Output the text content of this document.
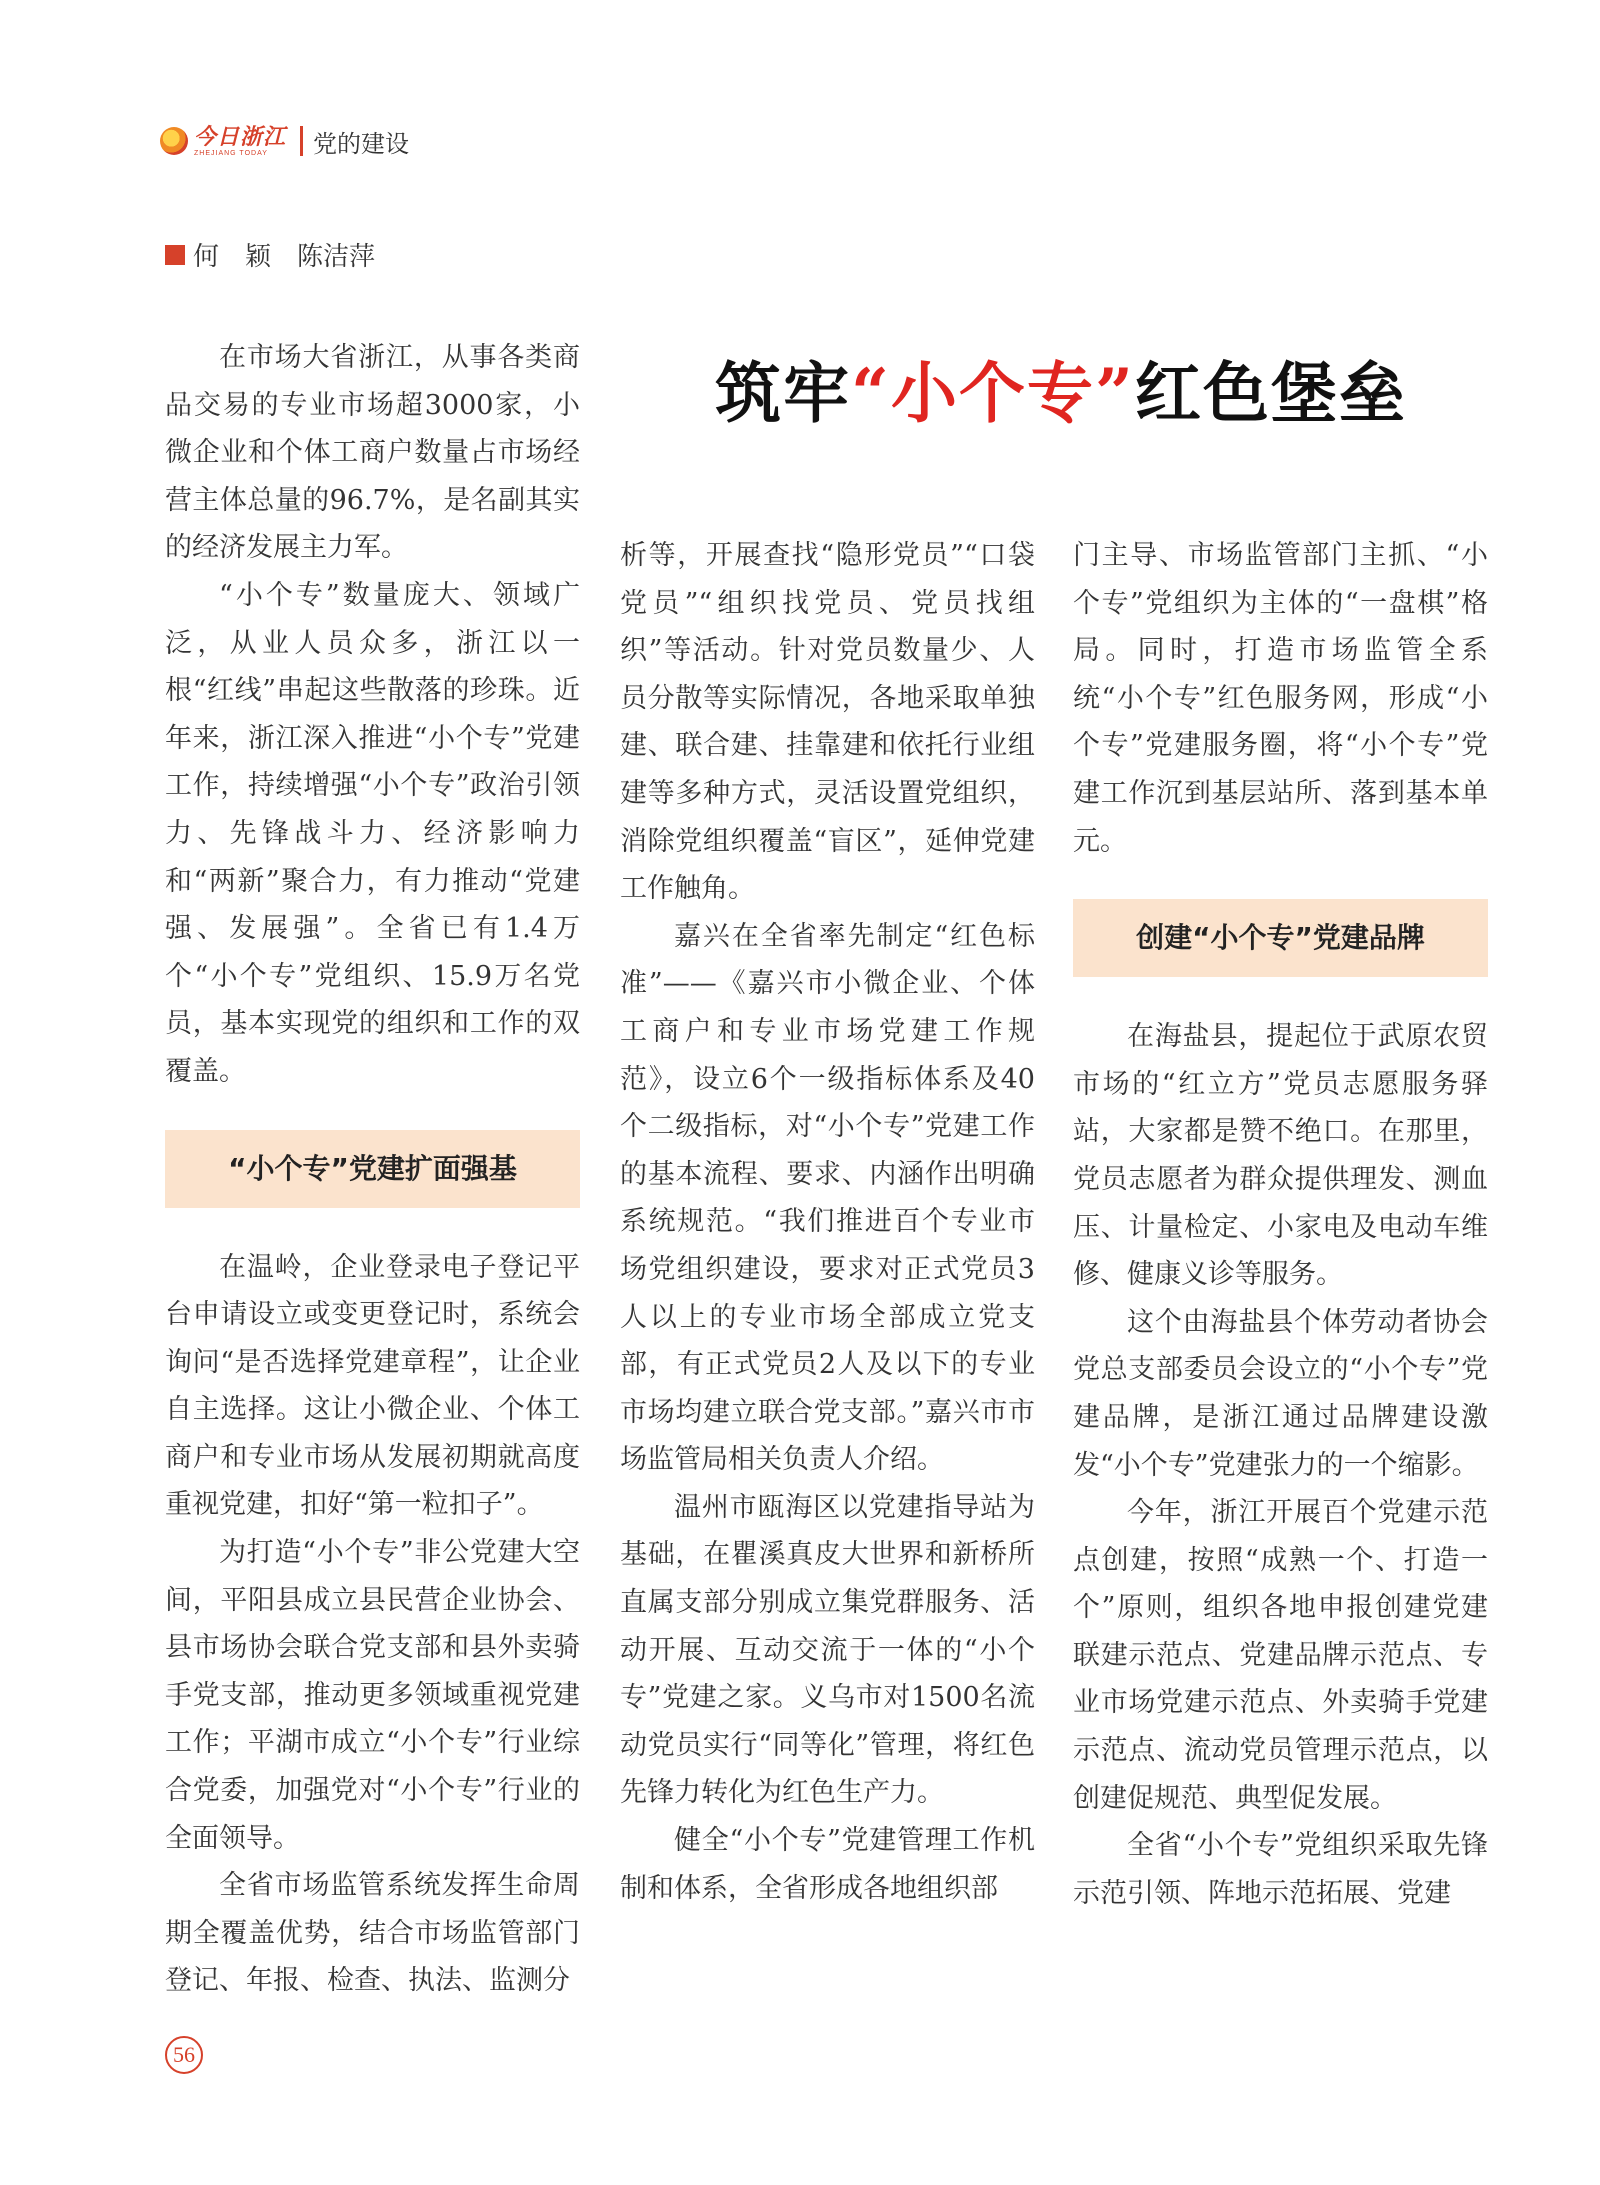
今日浙江
ZHEJIANG TODAY	党的建设
何　颖　陈洁萍
筑牢“小个专”红色堡垒

在市场大省浙江，从事各类商品交易的专业市场超3000家，小微企业和个体工商户数量占市场经营主体总量的96.7%，是名副其实的经济发展主力军。

“小个专”数量庞大、领域广泛，从业人员众多，浙江以一根“红线”串起这些散落的珍珠。近年来，浙江深入推进“小个专”党建工作，持续增强“小个专”政治引领力、先锋战斗力、经济影响力和“两新”聚合力，有力推动“党建强、发展强”。全省已有1.4万个“小个专”党组织、15.9万名党员，基本实现党的组织和工作的双覆盖。

“小个专”党建扩面强基

在温岭，企业登录电子登记平台申请设立或变更登记时，系统会询问“是否选择党建章程”，让企业自主选择。这让小微企业、个体工商户和专业市场从发展初期就高度重视党建，扣好“第一粒扣子”。

为打造“小个专”非公党建大空间，平阳县成立县民营企业协会、县市场协会联合党支部和县外卖骑手党支部，推动更多领域重视党建工作；平湖市成立“小个专”行业综合党委，加强党对“小个专”行业的全面领导。

全省市场监管系统发挥生命周期全覆盖优势，结合市场监管部门登记、年报、检查、执法、监测分

析等，开展查找“隐形党员”“口袋党员”“组织找党员、党员找组织”等活动。针对党员数量少、人员分散等实际情况，各地采取单独建、联合建、挂靠建和依托行业组建等多种方式，灵活设置党组织，消除党组织覆盖“盲区”，延伸党建工作触角。

嘉兴在全省率先制定“红色标准”——《嘉兴市小微企业、个体工商户和专业市场党建工作规范》，设立6个一级指标体系及40个二级指标，对“小个专”党建工作的基本流程、要求、内涵作出明确系统规范。“我们推进百个专业市场党组织建设，要求对正式党员3人以上的专业市场全部成立党支部，有正式党员2人及以下的专业市场均建立联合党支部。”嘉兴市市场监管局相关负责人介绍。

温州市瓯海区以党建指导站为基础，在瞿溪真皮大世界和新桥所直属支部分别成立集党群服务、活动开展、互动交流于一体的“小个专”党建之家。义乌市对1500名流动党员实行“同等化”管理，将红色先锋力转化为红色生产力。

健全“小个专”党建管理工作机制和体系，全省形成各地组织部

门主导、市场监管部门主抓、“小个专”党组织为主体的“一盘棋”格局。同时，打造市场监管全系统“小个专”红色服务网，形成“小个专”党建服务圈，将“小个专”党建工作沉到基层站所、落到基本单元。

创建“小个专”党建品牌

在海盐县，提起位于武原农贸市场的“红立方”党员志愿服务驿站，大家都是赞不绝口。在那里，党员志愿者为群众提供理发、测血压、计量检定、小家电及电动车维修、健康义诊等服务。

这个由海盐县个体劳动者协会党总支部委员会设立的“小个专”党建品牌，是浙江通过品牌建设激发“小个专”党建张力的一个缩影。

今年，浙江开展百个党建示范点创建，按照“成熟一个、打造一个”原则，组织各地申报创建党建联建示范点、党建品牌示范点、专业市场党建示范点、外卖骑手党建示范点、流动党员管理示范点，以创建促规范、典型促发展。

全省“小个专”党组织采取先锋示范引领、阵地示范拓展、党建

56
